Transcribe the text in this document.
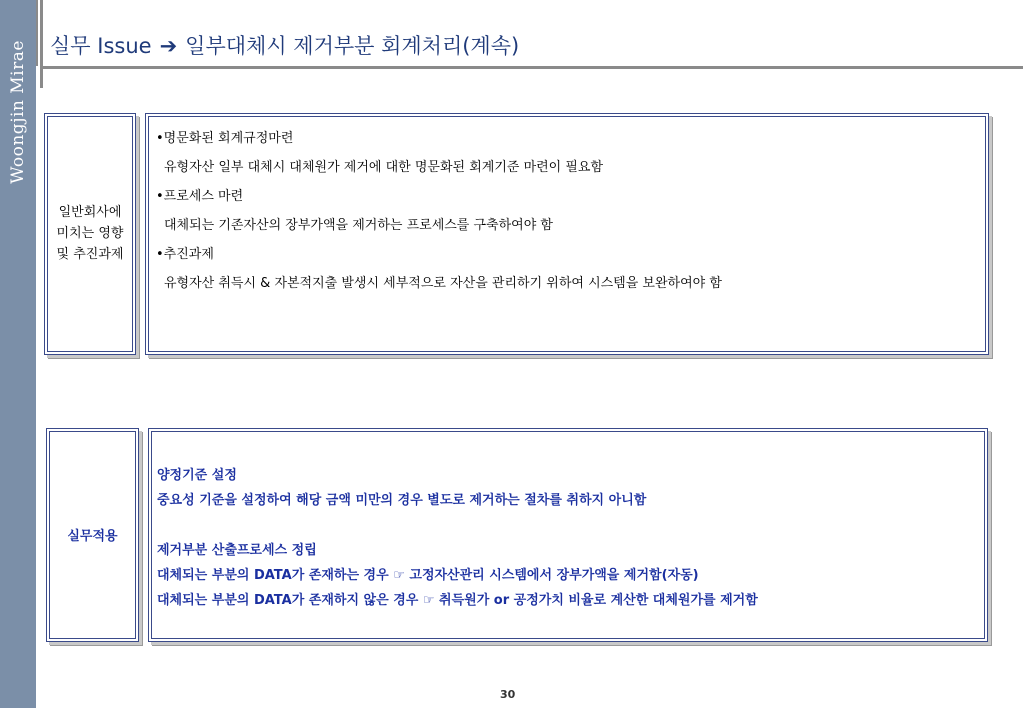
Woongjin Mirae 실무 Issue ➔ 일부대체시 제거부분 회계처리(계속)
일반회사에
미치는 영향
및 추진과제
•명문화된 회계규정마련
유형자산 일부 대체시 대체원가 제거에 대한 명문화된 회계기준 마련이 필요함
•프로세스 마련
대체되는 기존자산의 장부가액을 제거하는 프로세스를 구축하여야 함
•추진과제
유형자산 취득시 & 자본적지출 발생시 세부적으로 자산을 관리하기 위하여 시스템을 보완하여야 함
실무적용
양정기준 설정
중요성 기준을 설정하여 해당 금액 미만의 경우 별도로 제거하는 절차를 취하지 아니함
제거부분 산출프로세스 정립
대체되는 부분의 DATA가 존재하는 경우 ☞ 고정자산관리 시스템에서 장부가액을 제거함(자동)
대체되는 부분의 DATA가 존재하지 않은 경우 ☞ 취득원가 or 공정가치 비율로 계산한 대체원가를 제거함
30
